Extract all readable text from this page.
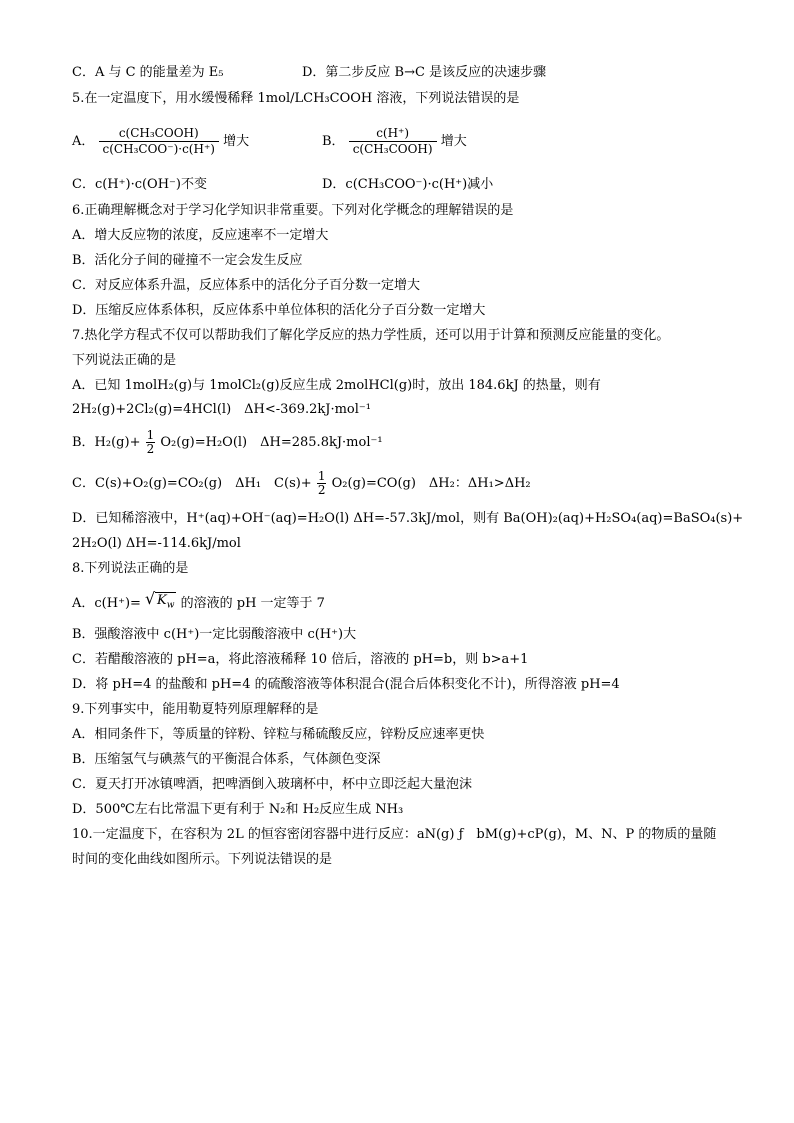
C．A 与 C 的能量差为 E₅	D．第二步反应 B→C 是该反应的决速步骤
5.在一定温度下，用水缓慢稀释 1mol/LCH₃COOH 溶液，下列说法错误的是
A． $\frac{\text{c(CH₃COOH)}}{\text{c(CH₃COO⁻)·c(H⁺)}}$ 增大	B． $\frac{c(H^+)}{\text{c(CH₃COOH)}}$ 增大
C．c(H⁺)·c(OH⁻)不变	D．c(CH₃COO⁻)·c(H⁺)减小
6.正确理解概念对于学习化学知识非常重要。下列对化学概念的理解错误的是
A．增大反应物的浓度，反应速率不一定增大
B．活化分子间的碰撞不一定会发生反应
C．对反应体系升温，反应体系中的活化分子百分数一定增大
D．压缩反应体系体积，反应体系中单位体积的活化分子百分数一定增大
7.热化学方程式不仅可以帮助我们了解化学反应的热力学性质，还可以用于计算和预测反应能量的变化。
下列说法正确的是
A．已知 1molH₂(g)与 1molCl₂(g)反应生成 2molHCl(g)时，放出 184.6kJ 的热量，则有
2H₂(g)+2Cl₂(g)=4HCl(l)　ΔH<-369.2kJ·mol⁻¹
B．$H_2(g)+ \frac{1}{2} O_2(g)=H_2O(l)$　ΔH=285.8kJ·mol⁻¹
C．C(s)+O₂(g)=CO₂(g)　ΔH₁　$C(s)+ \frac{1}{2} O_2(g)=CO(g)$　ΔH₂：ΔH₁>ΔH₂
D．已知稀溶液中，H⁺(aq)+OH⁻(aq)=H₂O(l) ΔH=-57.3kJ/mol，则有 Ba(OH)₂(aq)+H₂SO₄(aq)=BaSO₄(s)+
2H₂O(l) ΔH=-114.6kJ/mol
8.下列说法正确的是
A．c(H⁺)= √ $K_w$ 的溶液的 pH 一定等于 7
B．强酸溶液中 c(H⁺)一定比弱酸溶液中 c(H⁺)大
C．若醋酸溶液的 pH=a，将此溶液稀释 10 倍后，溶液的 pH=b，则 b>a+1
D．将 pH=4 的盐酸和 pH=4 的硫酸溶液等体积混合(混合后体积变化不计)，所得溶液 pH=4
9.下列事实中，能用勒夏特列原理解释的是
A．相同条件下，等质量的锌粉、锌粒与稀硫酸反应，锌粉反应速率更快
B．压缩氢气与碘蒸气的平衡混合体系，气体颜色变深
C．夏天打开冰镇啤酒，把啤酒倒入玻璃杯中，杯中立即泛起大量泡沫
D．500℃左右比常温下更有利于 N₂和 H₂反应生成 NH₃
10.一定温度下，在容积为 2L 的恒容密闭容器中进行反应：aN(g) ƒ　bM(g)+cP(g)，M、N、P 的物质的量随
时间的变化曲线如图所示。下列说法错误的是
